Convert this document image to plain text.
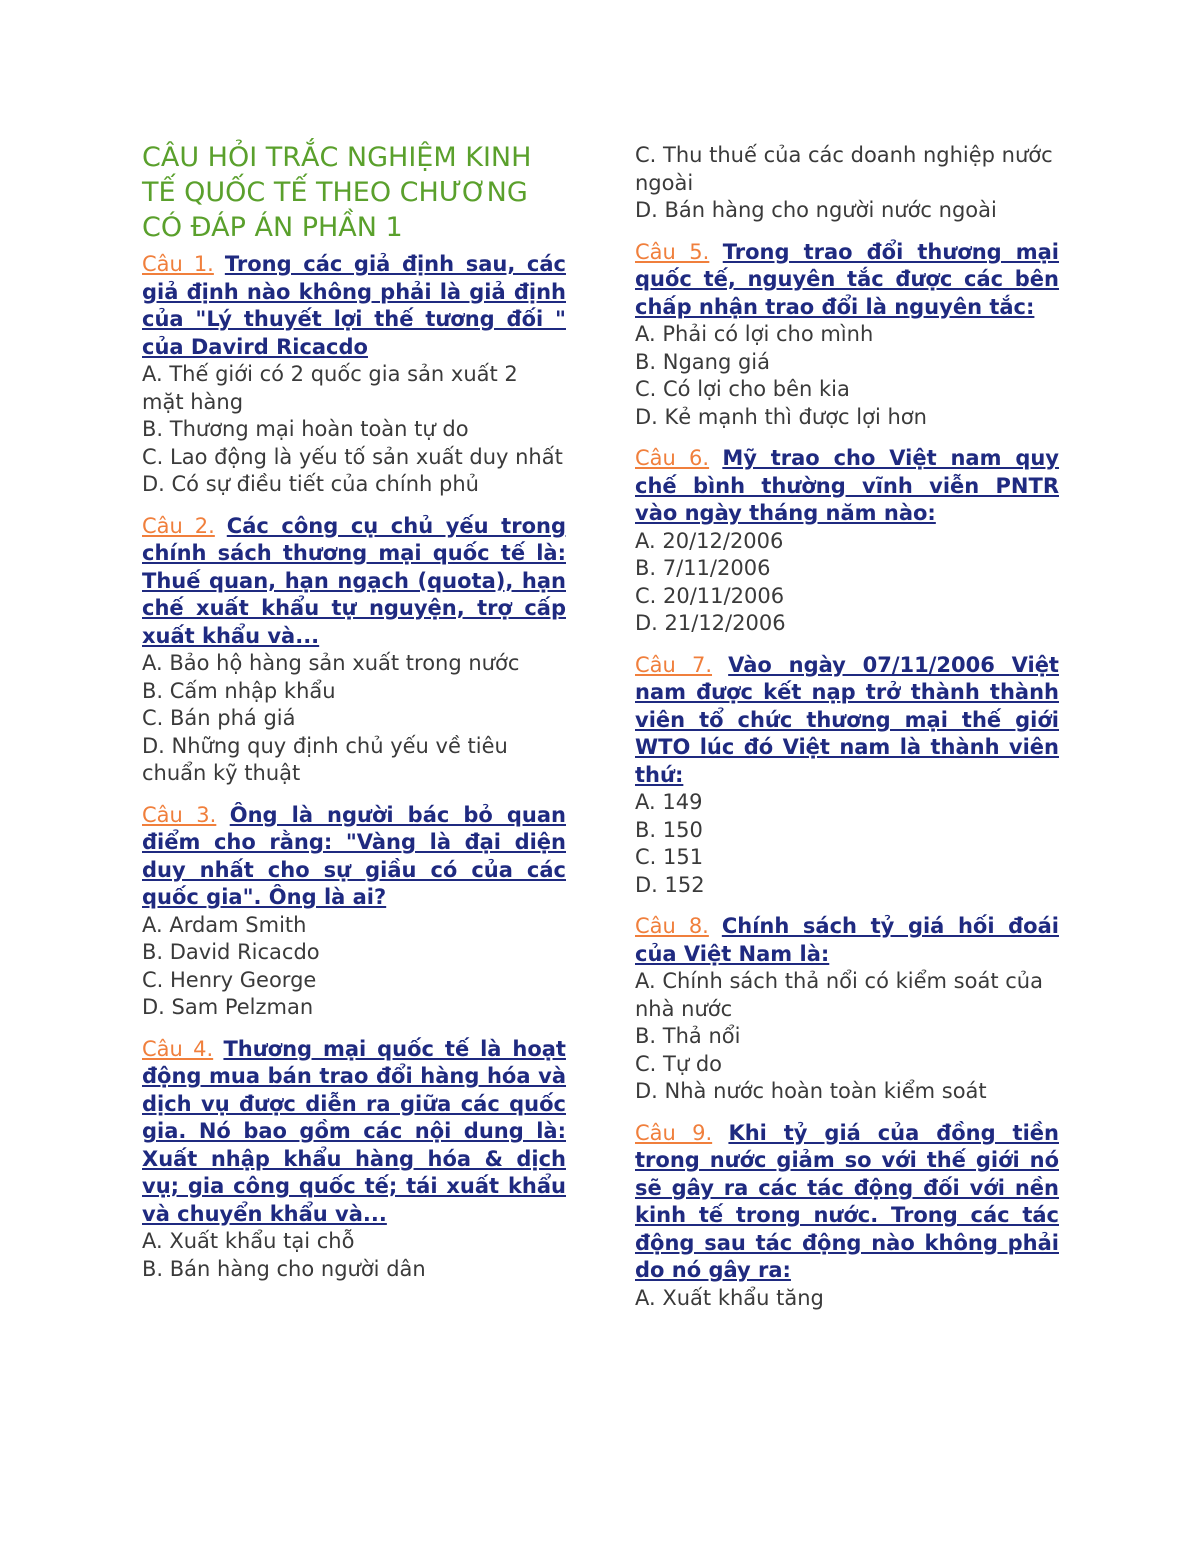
CÂU HỎI TRẮC NGHIỆM KINH TẾ QUỐC TẾ THEO CHƯƠNG CÓ ĐÁP ÁN PHẦN 1

Câu 1. Trong các giả định sau, các giả định nào không phải là giả định của "Lý thuyết lợi thế tương đối " của Davird Ricacdo

A. Thế giới có 2 quốc gia sản xuất 2 mặt hàng

B. Thương mại hoàn toàn tự do

C. Lao động là yếu tố sản xuất duy nhất

D. Có sự điều tiết của chính phủ

Câu 2. Các công cụ chủ yếu trong chính sách thương mại quốc tế là: Thuế quan, hạn ngạch (quota), hạn chế xuất khẩu tự nguyện, trợ cấp xuất khẩu và...

A. Bảo hộ hàng sản xuất trong nước

B. Cấm nhập khẩu

C. Bán phá giá

D. Những quy định chủ yếu về tiêu chuẩn kỹ thuật

Câu 3. Ông là người bác bỏ quan điểm cho rằng: "Vàng là đại diện duy nhất cho sự giầu có của các quốc gia". Ông là ai?

A. Ardam Smith

B. David Ricacdo

C. Henry George

D. Sam Pelzman

Câu 4. Thương mại quốc tế là hoạt động mua bán trao đổi hàng hóa và dịch vụ được diễn ra giữa các quốc gia. Nó bao gồm các nội dung là: Xuất nhập khẩu hàng hóa & dịch vụ; gia công quốc tế; tái xuất khẩu và chuyển khẩu và...

A. Xuất khẩu tại chỗ

B. Bán hàng cho người dân

C. Thu thuế của các doanh nghiệp nước ngoài

D. Bán hàng cho người nước ngoài

Câu 5. Trong trao đổi thương mại quốc tế, nguyên tắc được các bên chấp nhận trao đổi là nguyên tắc:

A. Phải có lợi cho mình

B. Ngang giá

C. Có lợi cho bên kia

D. Kẻ mạnh thì được lợi hơn

Câu 6. Mỹ trao cho Việt nam quy chế bình thường vĩnh viễn PNTR vào ngày tháng năm nào:

A. 20/12/2006

B. 7/11/2006

C. 20/11/2006

D. 21/12/2006

Câu 7. Vào ngày 07/11/2006 Việt nam được kết nạp trở thành thành viên tổ chức thương mại thế giới WTO lúc đó Việt nam là thành viên thứ:

A. 149

B. 150

C. 151

D. 152

Câu 8. Chính sách tỷ giá hối đoái của Việt Nam là:

A. Chính sách thả nổi có kiểm soát của nhà nước

B. Thả nổi

C. Tự do

D. Nhà nước hoàn toàn kiểm soát

Câu 9. Khi tỷ giá của đồng tiền trong nước giảm so với thế giới nó sẽ gây ra các tác động đối với nền kinh tế trong nước. Trong các tác động sau tác động nào không phải do nó gây ra:

A. Xuất khẩu tăng
